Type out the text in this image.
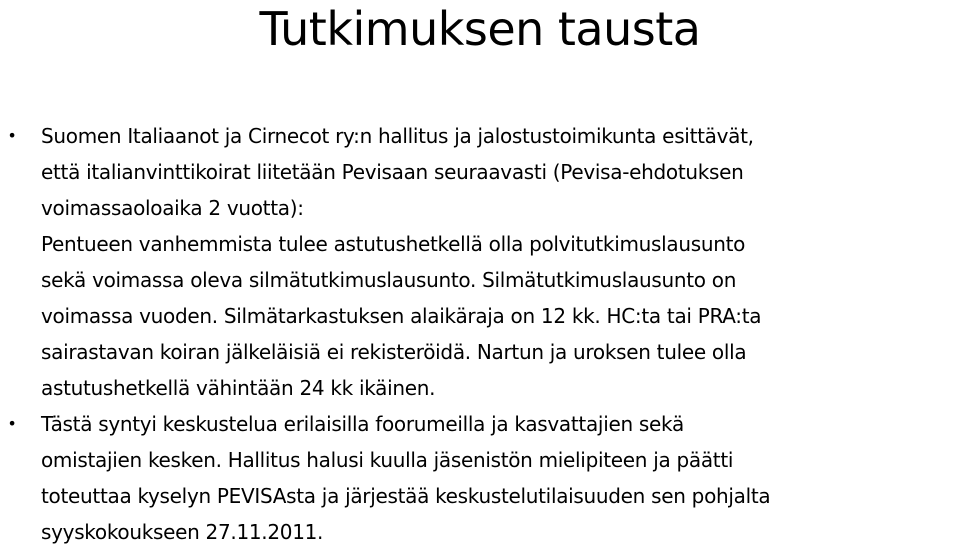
Tutkimuksen tausta
• Suomen Italiaanot ja Cirnecot ry:n hallitus ja jalostustoimikunta esittävät,
että italianvinttikoirat liitetään Pevisaan seuraavasti (Pevisa-ehdotuksen
voimassaoloaika 2 vuotta):
Pentueen vanhemmista tulee astutushetkellä olla polvitutkimuslausunto
sekä voimassa oleva silmätutkimuslausunto. Silmätutkimuslausunto on
voimassa vuoden. Silmätarkastuksen alaikäraja on 12 kk. HC:ta tai PRA:ta
sairastavan koiran jälkeläisiä ei rekisteröidä. Nartun ja uroksen tulee olla
astutushetkellä vähintään 24 kk ikäinen.
• Tästä syntyi keskustelua erilaisilla foorumeilla ja kasvattajien sekä
omistajien kesken. Hallitus halusi kuulla jäsenistön mielipiteen ja päätti
toteuttaa kyselyn PEVISAsta ja järjestää keskustelutilaisuuden sen pohjalta
syyskokoukseen 27.11.2011.
